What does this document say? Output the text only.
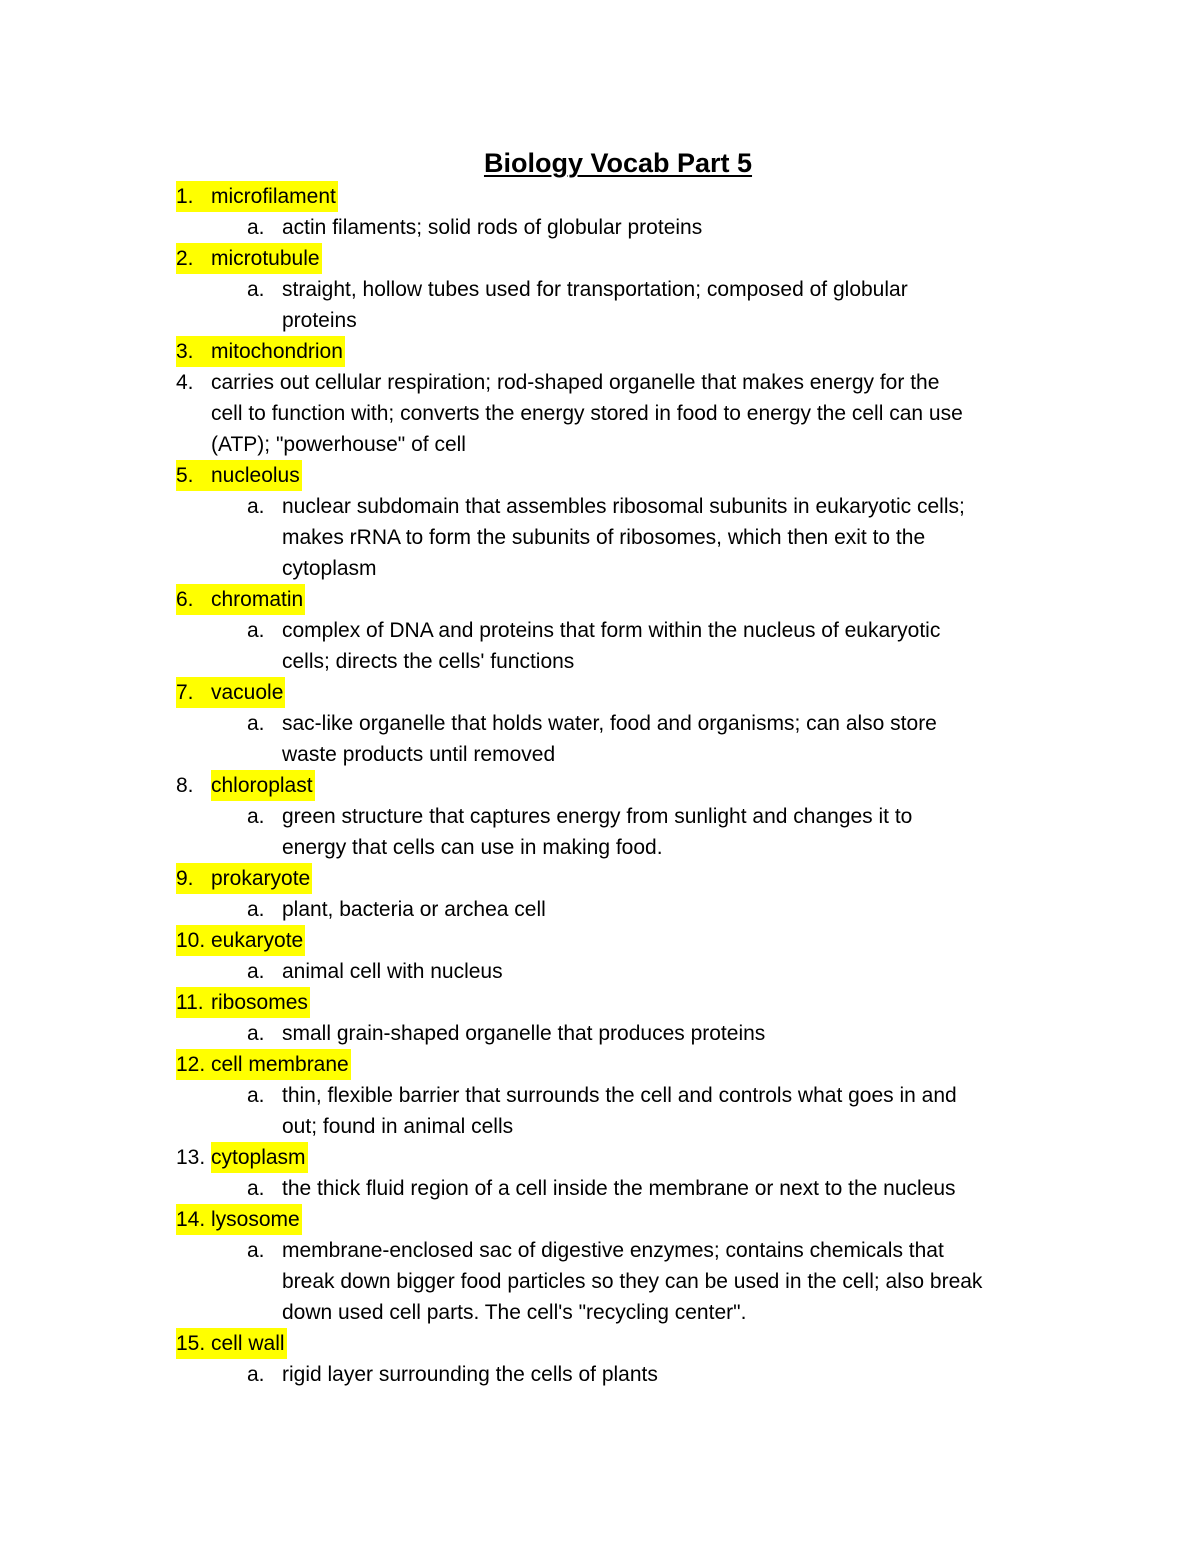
Biology Vocab Part 5
1. microfilament
a. actin filaments; solid rods of globular proteins
2. microtubule
a. straight, hollow tubes used for transportation; composed of globular
proteins
3. mitochondrion
4. carries out cellular respiration; rod-shaped organelle that makes energy for the
cell to function with; converts the energy stored in food to energy the cell can use
(ATP); "powerhouse" of cell
5. nucleolus
a. nuclear subdomain that assembles ribosomal subunits in eukaryotic cells;
makes rRNA to form the subunits of ribosomes, which then exit to the
cytoplasm
6. chromatin
a. complex of DNA and proteins that form within the nucleus of eukaryotic
cells; directs the cells' functions
7. vacuole
a. sac-like organelle that holds water, food and organisms; can also store
waste products until removed
8. chloroplast
a. green structure that captures energy from sunlight and changes it to
energy that cells can use in making food.
9. prokaryote
a. plant, bacteria or archea cell
10. eukaryote
a. animal cell with nucleus
11. ribosomes
a. small grain-shaped organelle that produces proteins
12. cell membrane
a. thin, flexible barrier that surrounds the cell and controls what goes in and
out; found in animal cells
13. cytoplasm
a. the thick fluid region of a cell inside the membrane or next to the nucleus
14. lysosome
a. membrane-enclosed sac of digestive enzymes; contains chemicals that
break down bigger food particles so they can be used in the cell; also break
down used cell parts. The cell's "recycling center".
15. cell wall
a. rigid layer surrounding the cells of plants
